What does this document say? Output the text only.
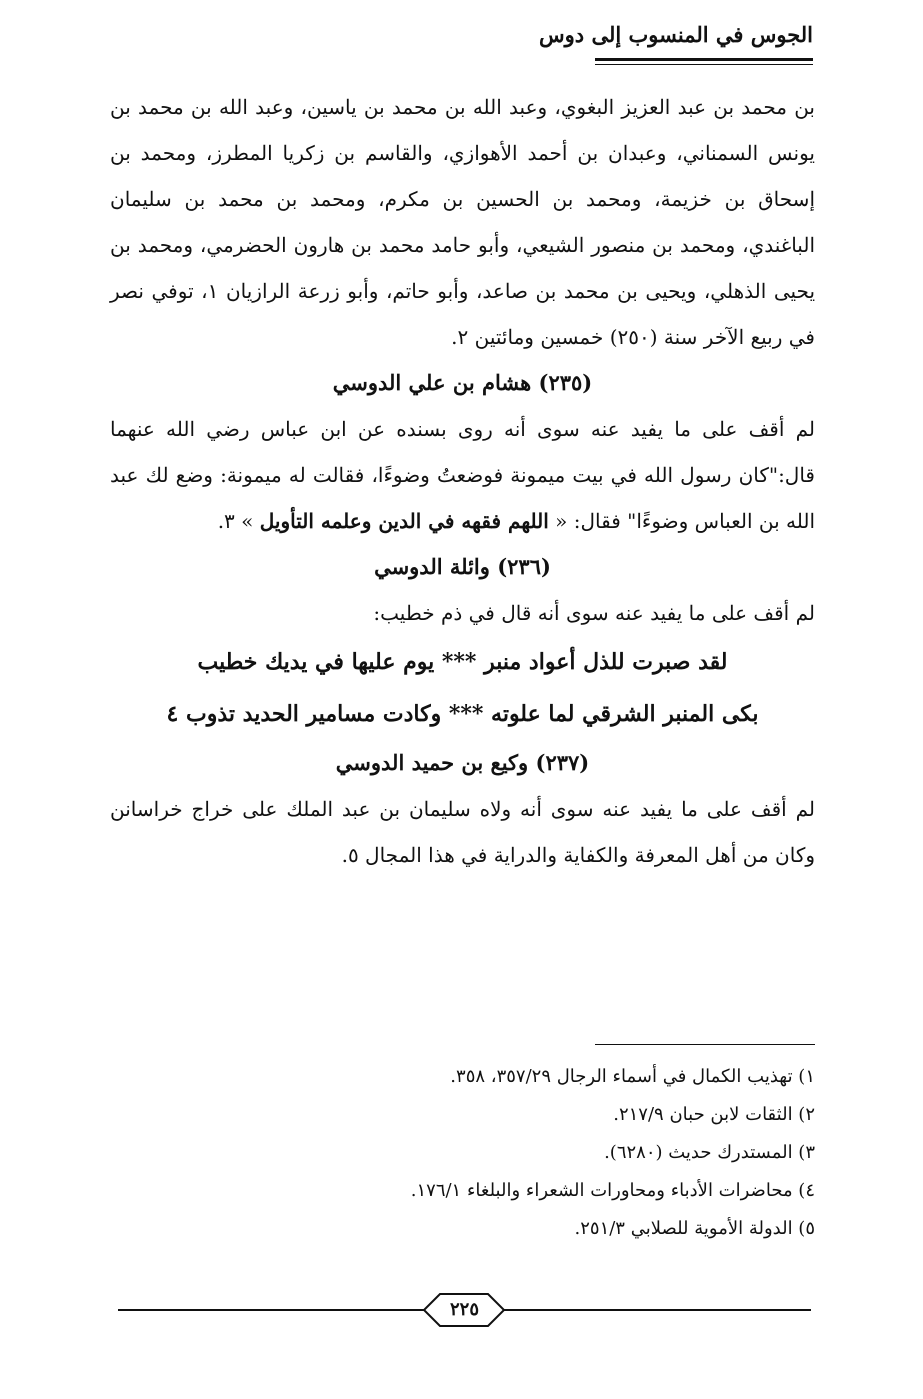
الجوس في المنسوب إلى دوس

بن محمد بن عبد العزيز البغوي، وعبد الله بن محمد بن ياسين، وعبد الله بن محمد بن يونس السمناني، وعبدان بن أحمد الأهوازي، والقاسم بن زكريا المطرز، ومحمد بن إسحاق بن خزيمة، ومحمد بن الحسين بن مكرم، ومحمد بن محمد بن سليمان الباغندي، ومحمد بن منصور الشيعي، وأبو حامد محمد بن هارون الحضرمي، ومحمد بن يحيى الذهلي، ويحيى بن محمد بن صاعد، وأبو حاتم، وأبو زرعة الرازيان ١، توفي نصر في ربيع الآخر سنة (٢٥٠) خمسين ومائتين ٢.

(٢٣٥) هشام بن علي الدوسي

لم أقف على ما يفيد عنه سوى أنه روى بسنده عن ابن عباس رضي الله عنهما قال:"كان رسول الله في بيت ميمونة فوضعتُ وضوءًا، فقالت له ميمونة: وضع لك عبد الله بن العباس وضوءًا" فقال: « اللهم فقهه في الدين وعلمه التأويل » ٣.

(٢٣٦) وائلة الدوسي

لم أقف على ما يفيد عنه سوى أنه قال في ذم خطيب:

لقد صبرت للذل أعواد منبر *** يوم عليها في يديك خطيب

بكى المنبر الشرقي لما علوته *** وكادت مسامير الحديد تذوب ٤

(٢٣٧) وكيع بن حميد الدوسي

لم أقف على ما يفيد عنه سوى أنه ولاه سليمان بن عبد الملك على خراج خراسانن وكان من أهل المعرفة والكفاية والدراية في هذا المجال ٥.

١) تهذيب الكمال في أسماء الرجال ٣٥٧/٢٩، ٣٥٨.

٢) الثقات لابن حبان ٢١٧/٩.

٣) المستدرك حديث (٦٢٨٠).

٤) محاضرات الأدباء ومحاورات الشعراء والبلغاء ١٧٦/١.

٥) الدولة الأموية للصلابي ٢٥١/٣.

٢٢٥
